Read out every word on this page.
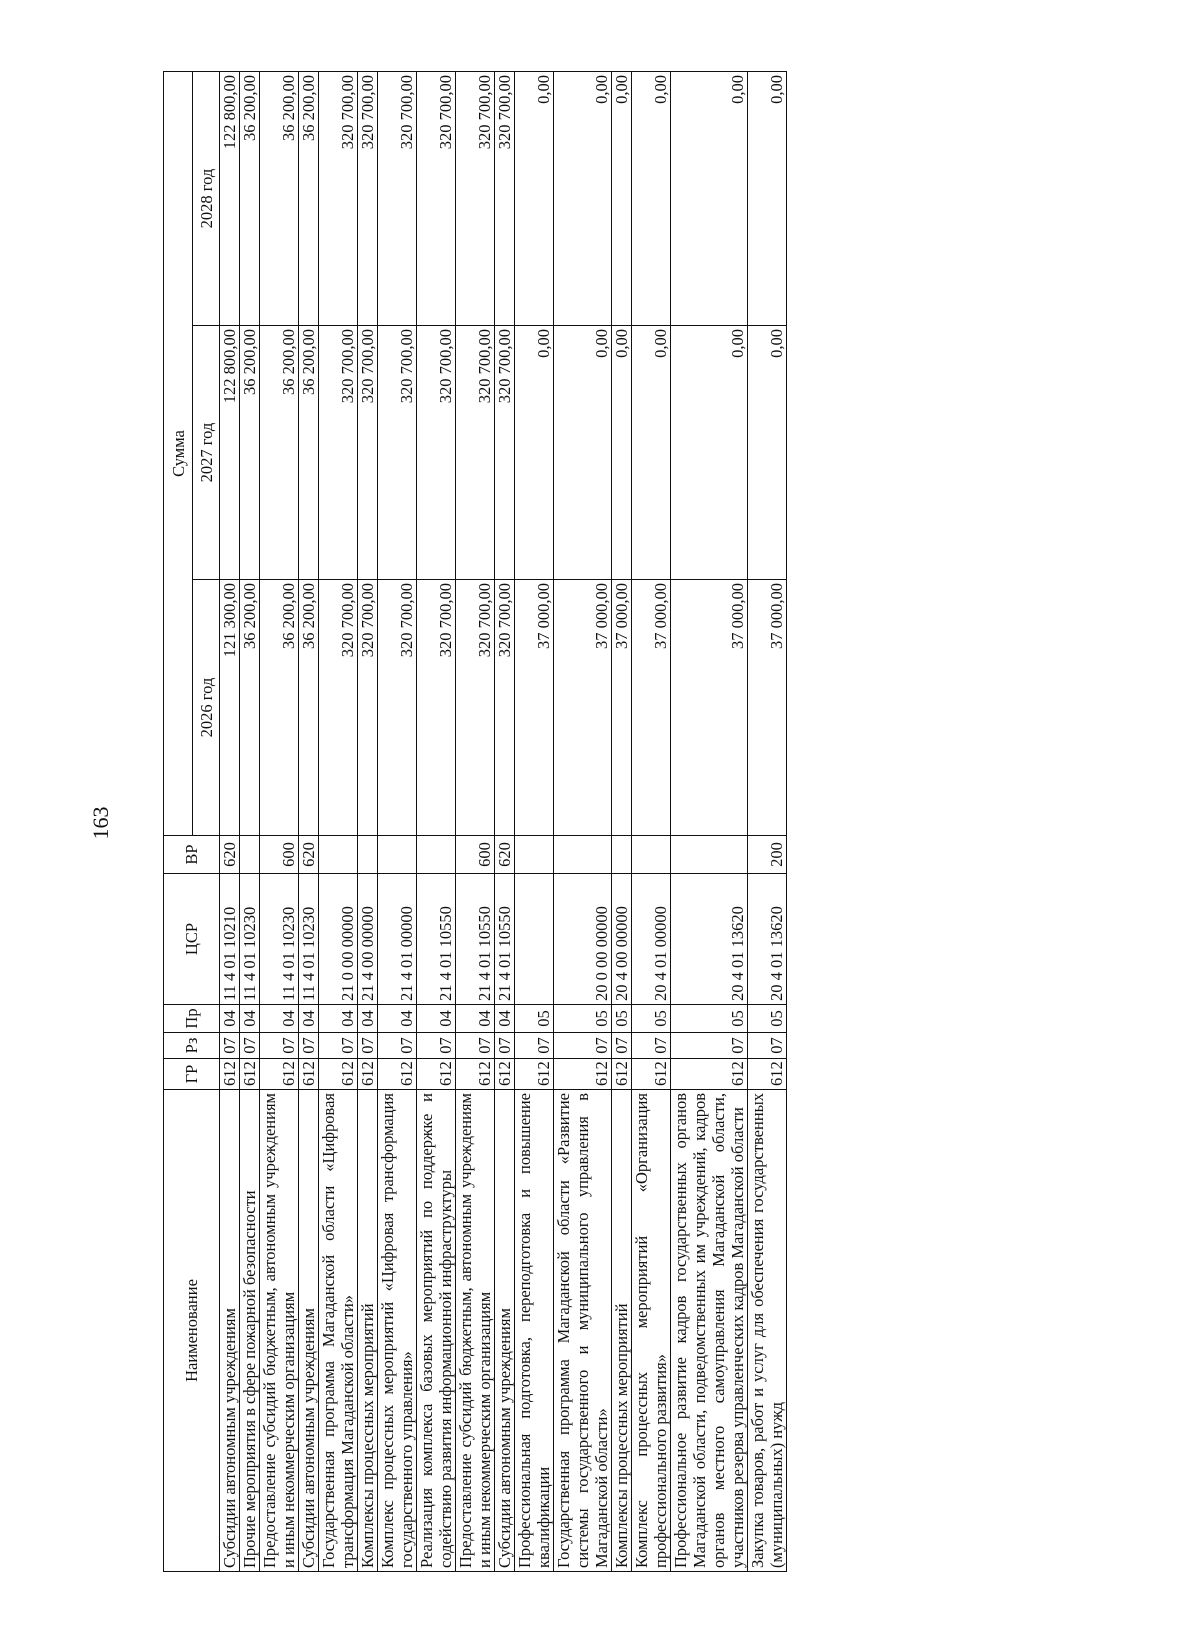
163
Наименование	ГР	Рз	Пр	ЦСР	ВР	Сумма		
						2026 год	2027 год	2028 год
Субсидии автономным учреждениям	612	07	04	11 4 01 10210	620	121 300,00	122 800,00	122 800,00
Прочие мероприятия в сфере пожарной безопасности	612	07	04	11 4 01 10230		36 200,00	36 200,00	36 200,00
Предоставление субсидий бюджетным, автономным учреждениям и иным некоммерческим организациям	612	07	04	11 4 01 10230	600	36 200,00	36 200,00	36 200,00
Субсидии автономным учреждениям	612	07	04	11 4 01 10230	620	36 200,00	36 200,00	36 200,00
Государственная программа Магаданской области «Цифровая трансформация Магаданской области»	612	07	04	21 0 00 00000		320 700,00	320 700,00	320 700,00
Комплексы процессных мероприятий	612	07	04	21 4 00 00000		320 700,00	320 700,00	320 700,00
Комплекс процессных мероприятий «Цифровая трансформация государственного управления»	612	07	04	21 4 01 00000		320 700,00	320 700,00	320 700,00
Реализация комплекса базовых мероприятий по поддержке и содействию развития информационной инфраструктуры	612	07	04	21 4 01 10550		320 700,00	320 700,00	320 700,00
Предоставление субсидий бюджетным, автономным учреждениям и иным некоммерческим организациям	612	07	04	21 4 01 10550	600	320 700,00	320 700,00	320 700,00
Субсидии автономным учреждениям	612	07	04	21 4 01 10550	620	320 700,00	320 700,00	320 700,00
Профессиональная подготовка, переподготовка и повышение квалификации	612	07	05			37 000,00	0,00	0,00
Государственная программа Магаданской области «Развитие системы государственного и муниципального управления в Магаданской области»	612	07	05	20 0 00 00000		37 000,00	0,00	0,00
Комплексы процессных мероприятий	612	07	05	20 4 00 00000		37 000,00	0,00	0,00
Комплекс процессных мероприятий «Организация профессионального развития»	612	07	05	20 4 01 00000		37 000,00	0,00	0,00
Профессиональное развитие кадров государственных органов Магаданской области, подведомственных им учреждений, кадров органов местного самоуправления Магаданской области, участников резерва управленческих кадров Магаданской области	612	07	05	20 4 01 13620		37 000,00	0,00	0,00
Закупка товаров, работ и услуг для обеспечения государственных (муниципальных) нужд	612	07	05	20 4 01 13620	200	37 000,00	0,00	0,00
